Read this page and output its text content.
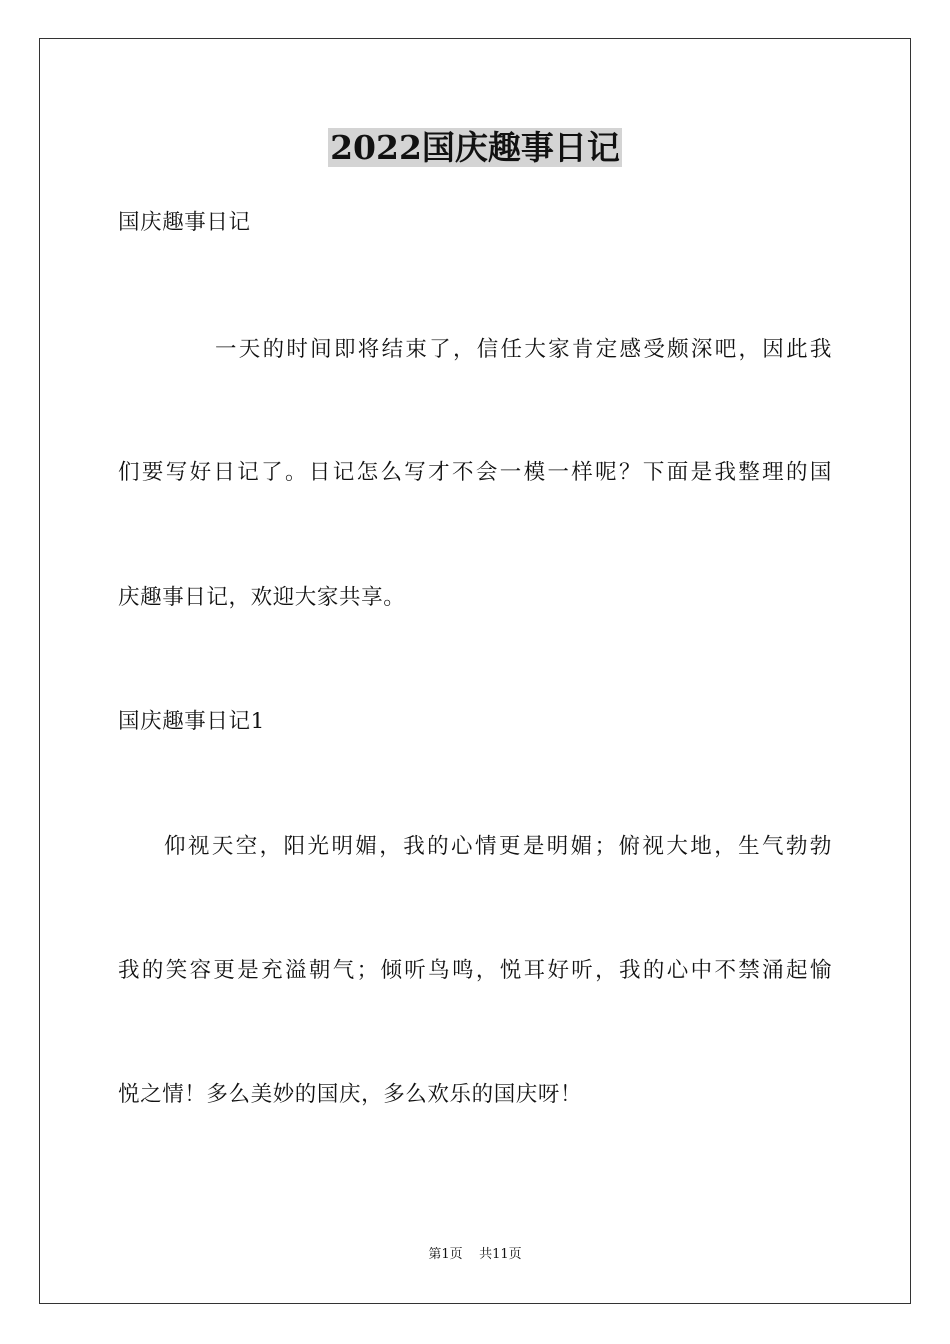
2022国庆趣事日记

国庆趣事日记

一天的时间即将结束了，信任大家肯定感受颇深吧，因此我

们要写好日记了。日记怎么写才不会一模一样呢？下面是我整理的国

庆趣事日记，欢迎大家共享。

国庆趣事日记1

仰视天空，阳光明媚，我的心情更是明媚；俯视大地，生气勃勃

我的笑容更是充溢朝气；倾听鸟鸣，悦耳好听，我的心中不禁涌起愉

悦之情！多么美妙的国庆，多么欢乐的国庆呀！

第1页 共11页
